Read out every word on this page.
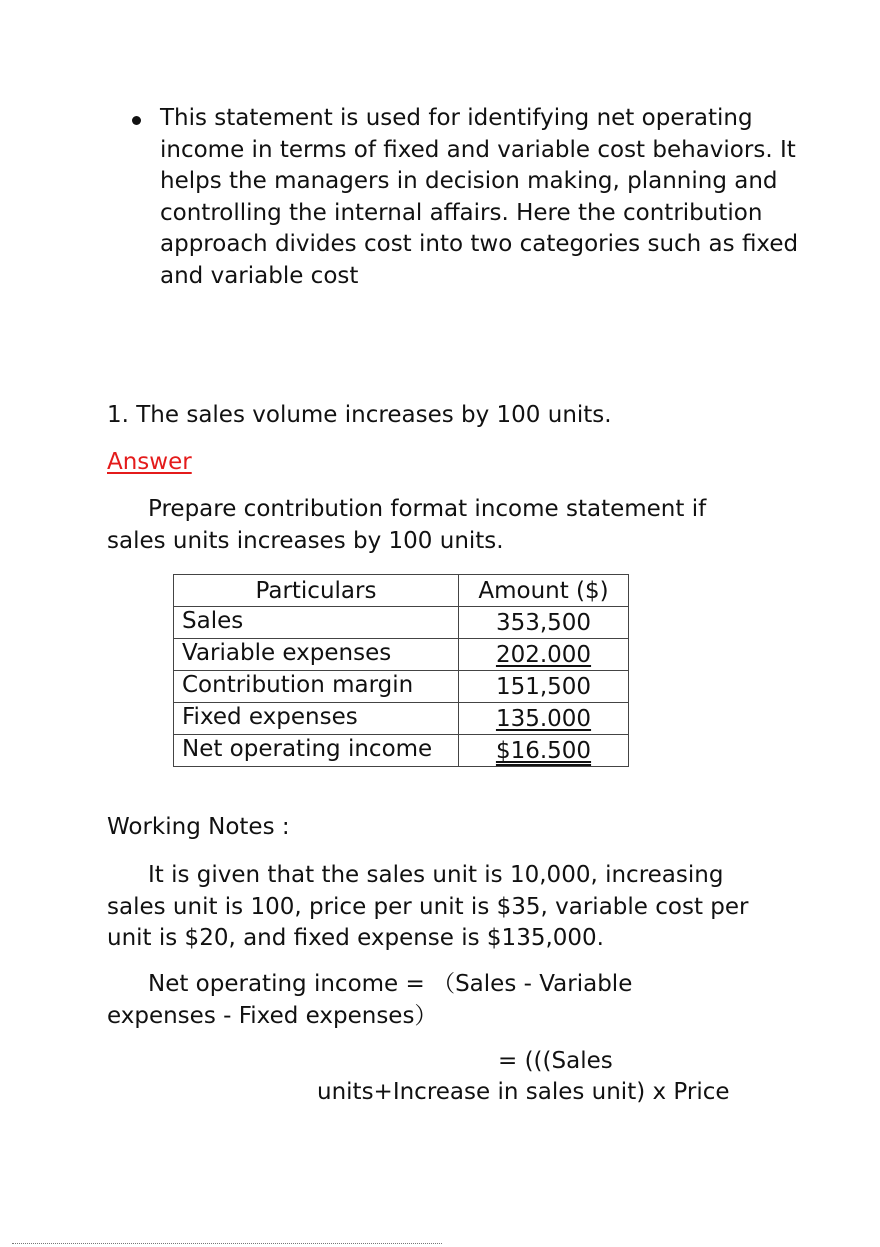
This statement is used for identifying net operating income in terms of fixed and variable cost behaviors. It helps the managers in decision making, planning and controlling the internal affairs. Here the contribution approach divides cost into two categories such as fixed and variable cost
1. The sales volume increases by 100 units.
Answer
Prepare contribution format income statement if sales units increases by 100 units.
Particulars	Amount ($)
Sales	353,500
Variable expenses	202.000
Contribution margin	151,500
Fixed expenses	135.000
Net operating income	$16.500
Working Notes :
It is given that the sales unit is 10,000, increasing sales unit is 100, price per unit is $35, variable cost per unit is $20, and fixed expense is $135,000.
Net operating income = （Sales - Variable expenses - Fixed expenses）
= (((Sales
units+Increase in sales unit) x Price
